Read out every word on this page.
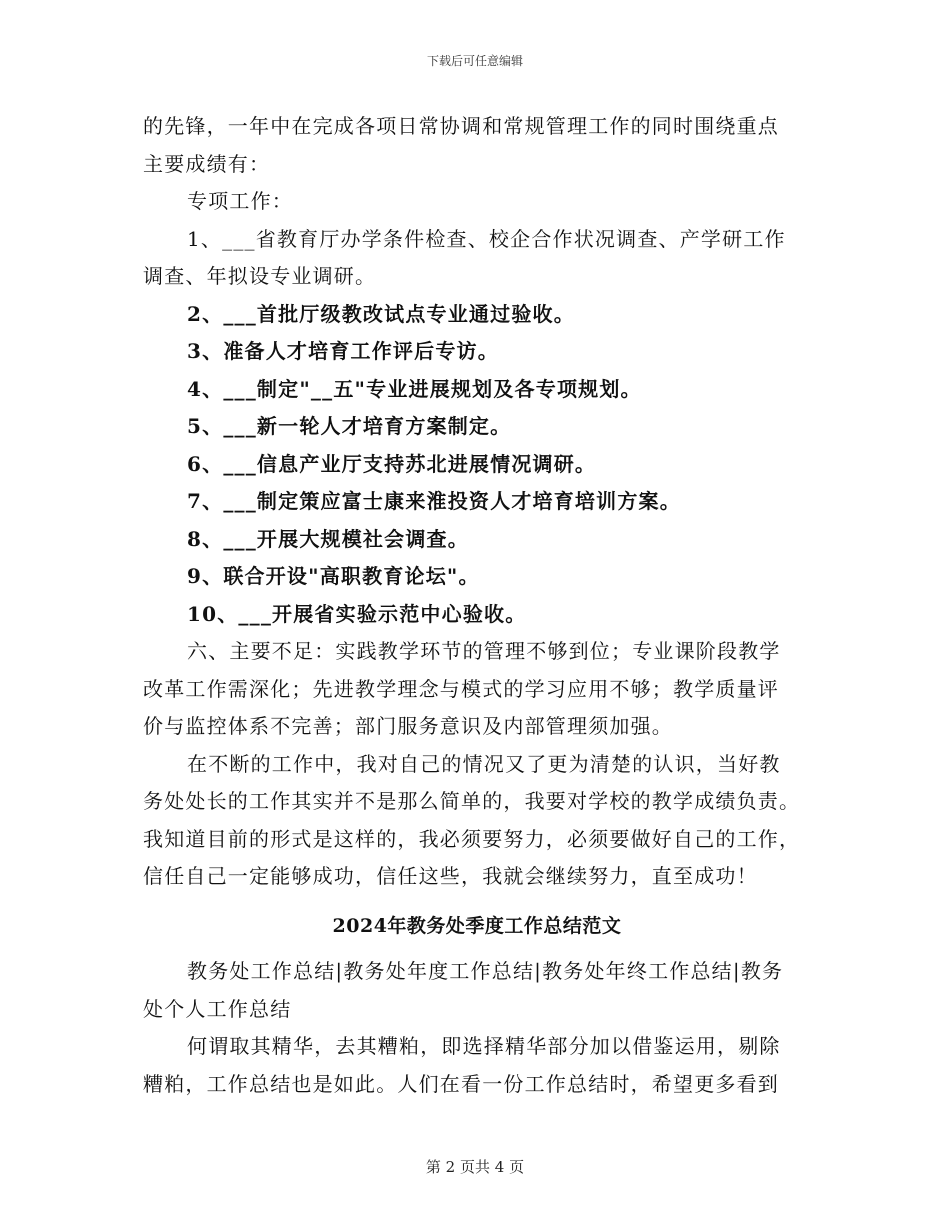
下载后可任意编辑
的先锋，一年中在完成各项日常协调和常规管理工作的同时围绕重点
主要成绩有：
专项工作：
1、___省教育厅办学条件检查、校企合作状况调查、产学研工作
调查、年拟设专业调研。
2、___首批厅级教改试点专业通过验收。
3、准备人才培育工作评后专访。
4、___制定"__五"专业进展规划及各专项规划。
5、___新一轮人才培育方案制定。
6、___信息产业厅支持苏北进展情况调研。
7、___制定策应富士康来淮投资人才培育培训方案。
8、___开展大规模社会调查。
9、联合开设"高职教育论坛"。
10、___开展省实验示范中心验收。
六、主要不足：实践教学环节的管理不够到位；专业课阶段教学
改革工作需深化；先进教学理念与模式的学习应用不够；教学质量评
价与监控体系不完善；部门服务意识及内部管理须加强。
在不断的工作中，我对自己的情况又了更为清楚的认识，当好教
务处处长的工作其实并不是那么简单的，我要对学校的教学成绩负责。
我知道目前的形式是这样的，我必须要努力，必须要做好自己的工作，
信任自己一定能够成功，信任这些，我就会继续努力，直至成功！
2024年教务处季度工作总结范文
教务处工作总结|教务处年度工作总结|教务处年终工作总结|教务
处个人工作总结
何谓取其精华，去其糟粕，即选择精华部分加以借鉴运用，剔除
糟粕，工作总结也是如此。人们在看一份工作总结时，希望更多看到
第 2 页共 4 页
